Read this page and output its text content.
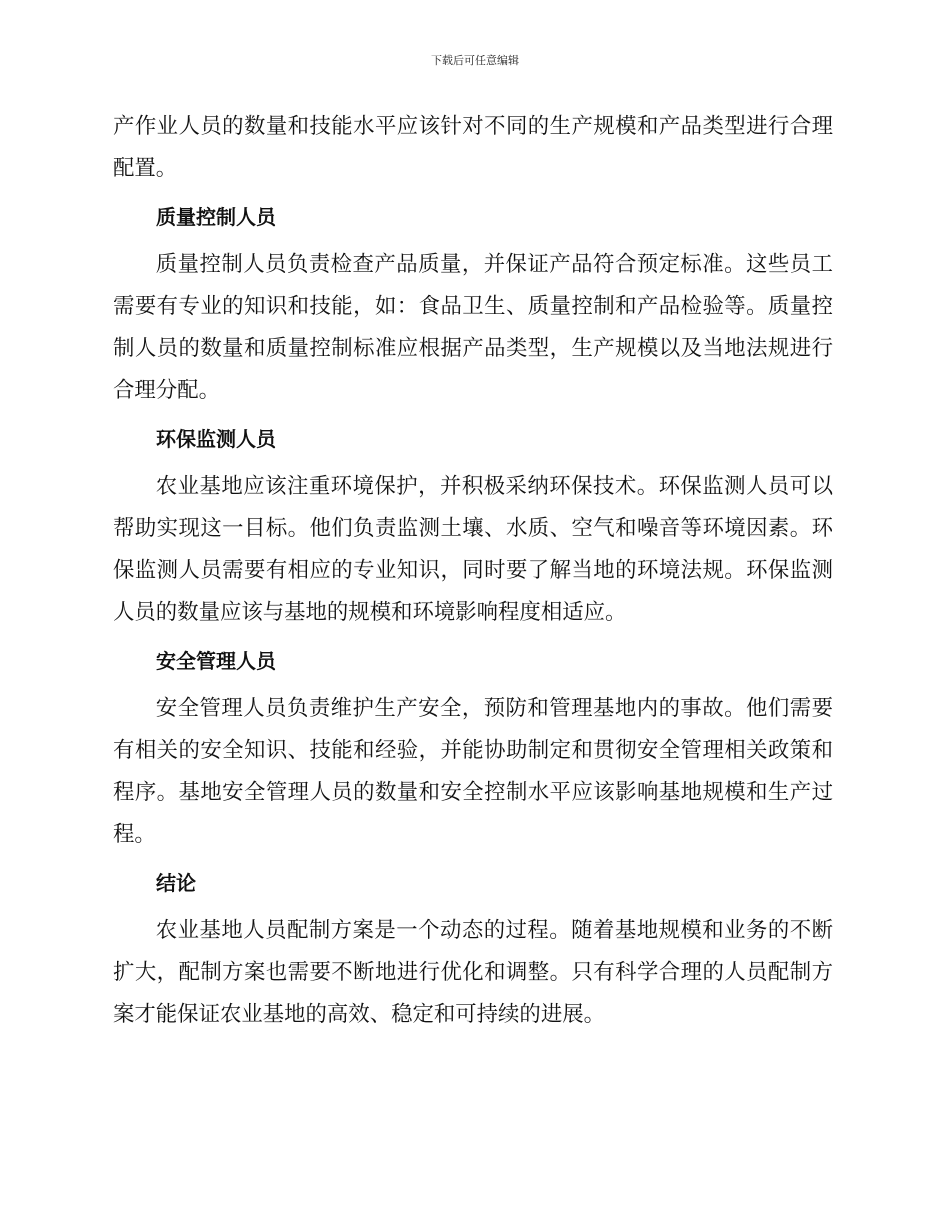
下载后可任意编辑

产作业人员的数量和技能水平应该针对不同的生产规模和产品类型进行合理配置。

质量控制人员

质量控制人员负责检查产品质量，并保证产品符合预定标准。这些员工需要有专业的知识和技能，如：食品卫生、质量控制和产品检验等。质量控制人员的数量和质量控制标准应根据产品类型，生产规模以及当地法规进行合理分配。

环保监测人员

农业基地应该注重环境保护，并积极采纳环保技术。环保监测人员可以帮助实现这一目标。他们负责监测土壤、水质、空气和噪音等环境因素。环保监测人员需要有相应的专业知识，同时要了解当地的环境法规。环保监测人员的数量应该与基地的规模和环境影响程度相适应。

安全管理人员

安全管理人员负责维护生产安全，预防和管理基地内的事故。他们需要有相关的安全知识、技能和经验，并能协助制定和贯彻安全管理相关政策和程序。基地安全管理人员的数量和安全控制水平应该影响基地规模和生产过程。

结论

农业基地人员配制方案是一个动态的过程。随着基地规模和业务的不断扩大，配制方案也需要不断地进行优化和调整。只有科学合理的人员配制方案才能保证农业基地的高效、稳定和可持续的进展。
